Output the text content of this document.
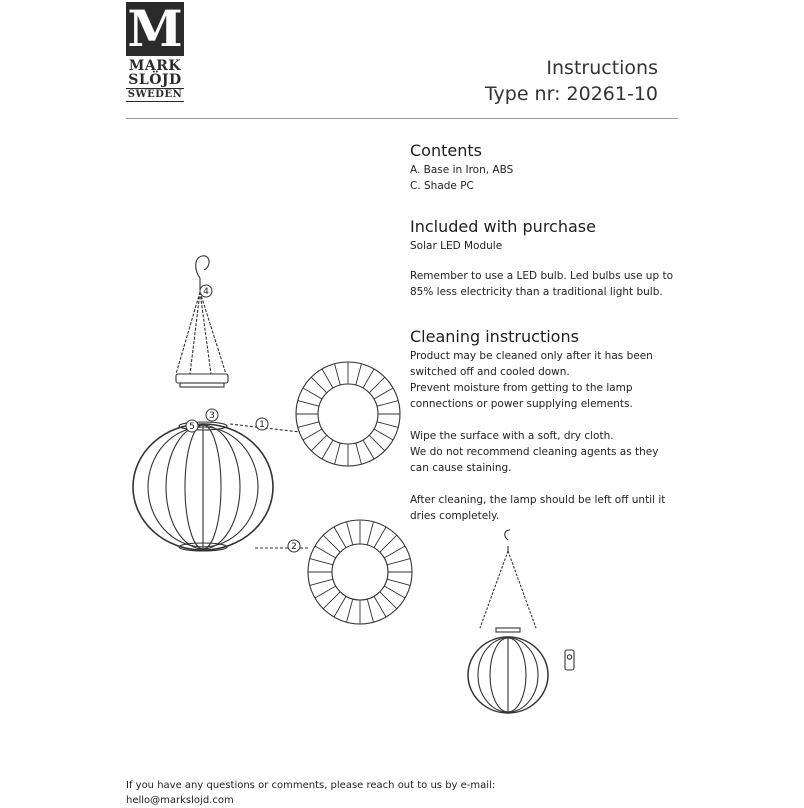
M
MARK
SLÖJD
SWEDEN
Instructions
Type nr: 20261-10
Contents
A. Base in Iron, ABS
C. Shade PC
Included with purchase
Solar LED Module
Remember to use a LED bulb. Led bulbs use up to
85% less electricity than a traditional light bulb.
Cleaning instructions
Product may be cleaned only after it has been
switched off and cooled down.
Prevent moisture from getting to the lamp
connections or power supplying elements.
Wipe the surface with a soft, dry cloth.
We do not recommend cleaning agents as they
can cause staining.
After cleaning, the lamp should be left off until it
dries completely.
1
2
3
4
5
If you have any questions or comments, please reach out to us by e-mail:
hello@markslojd.com
